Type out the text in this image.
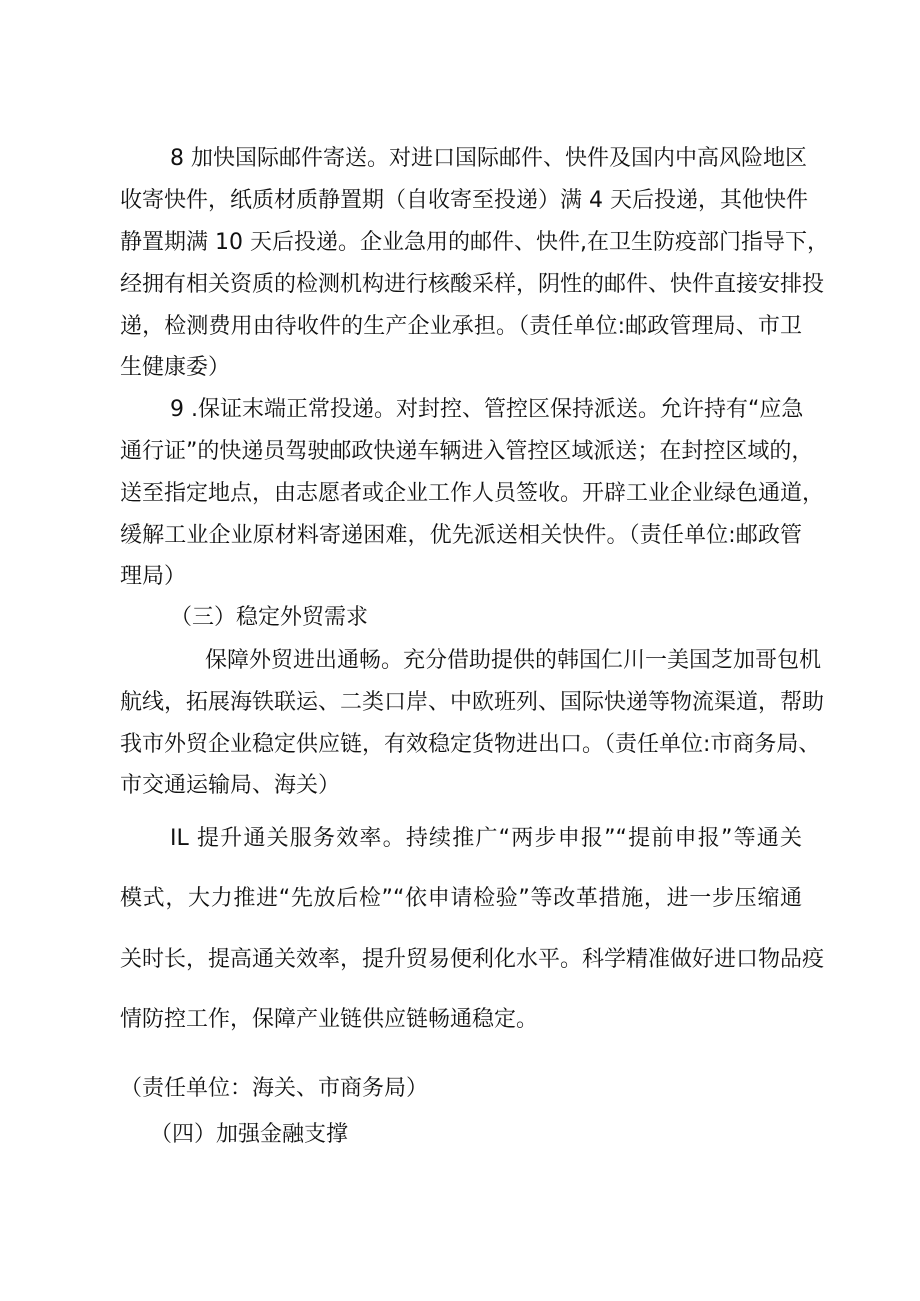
8 加快国际邮件寄送。对进口国际邮件、快件及国内中高风险地区

收寄快件，纸质材质静置期（自收寄至投递）满 4 天后投递，其他快件

静置期满 10 天后投递。企业急用的邮件、快件,在卫生防疫部门指导下，

经拥有相关资质的检测机构进行核酸采样，阴性的邮件、快件直接安排投

递，检测费用由待收件的生产企业承担。（责任单位:邮政管理局、市卫

生健康委）

9 .保证末端正常投递。对封控、管控区保持派送。允许持有“应急

通行证”的快递员驾驶邮政快递车辆进入管控区域派送；在封控区域的，

送至指定地点，由志愿者或企业工作人员签收。开辟工业企业绿色通道，

缓解工业企业原材料寄递困难，优先派送相关快件。（责任单位:邮政管

理局）

（三）稳定外贸需求

保障外贸进出通畅。充分借助提供的韩国仁川一美国芝加哥包机

航线，拓展海铁联运、二类口岸、中欧班列、国际快递等物流渠道，帮助

我市外贸企业稳定供应链，有效稳定货物进出口。（责任单位:市商务局、

市交通运输局、海关）

IL 提升通关服务效率。持续推广“两步申报”“提前申报”等通关

模式，大力推进“先放后检”“依申请检验”等改革措施，进一步压缩通

关时长，提高通关效率，提升贸易便利化水平。科学精准做好进口物品疫

情防控工作，保障产业链供应链畅通稳定。

（责任单位：海关、市商务局）

（四）加强金融支撑
